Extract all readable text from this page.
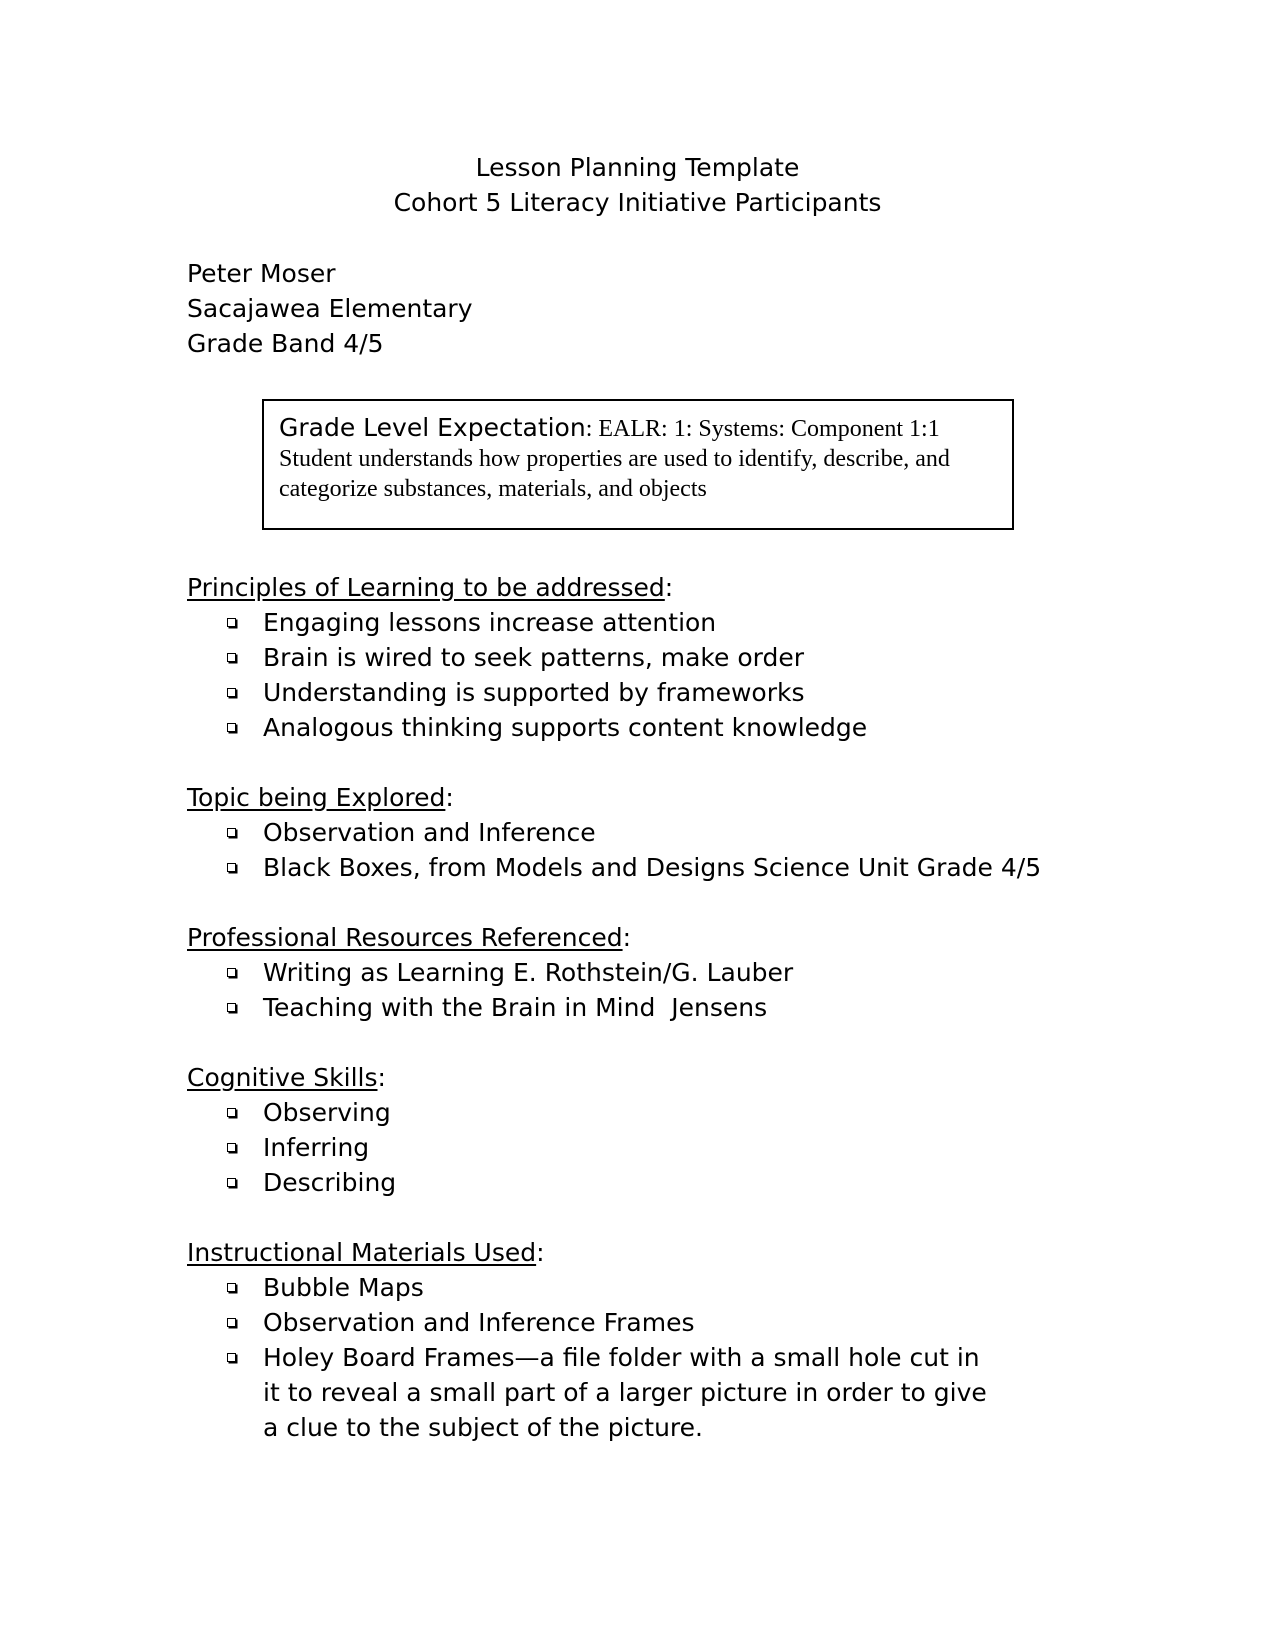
Lesson Planning Template
Cohort 5 Literacy Initiative Participants
Peter Moser
Sacajawea Elementary
Grade Band 4/5
Grade Level Expectation: EALR: 1: Systems: Component 1:1
Student understands how properties are used to identify, describe, and categorize substances, materials, and objects
Principles of Learning to be addressed:
Engaging lessons increase attention
Brain is wired to seek patterns, make order
Understanding is supported by frameworks
Analogous thinking supports content knowledge
Topic being Explored:
Observation and Inference
Black Boxes, from Models and Designs Science Unit Grade 4/5
Professional Resources Referenced:
Writing as Learning E. Rothstein/G. Lauber
Teaching with the Brain in Mind  Jensens
Cognitive Skills:
Observing
Inferring
Describing
Instructional Materials Used:
Bubble Maps
Observation and Inference Frames
Holey Board Frames—a file folder with a small hole cut in it to reveal a small part of a larger picture in order to give a clue to the subject of the picture.
